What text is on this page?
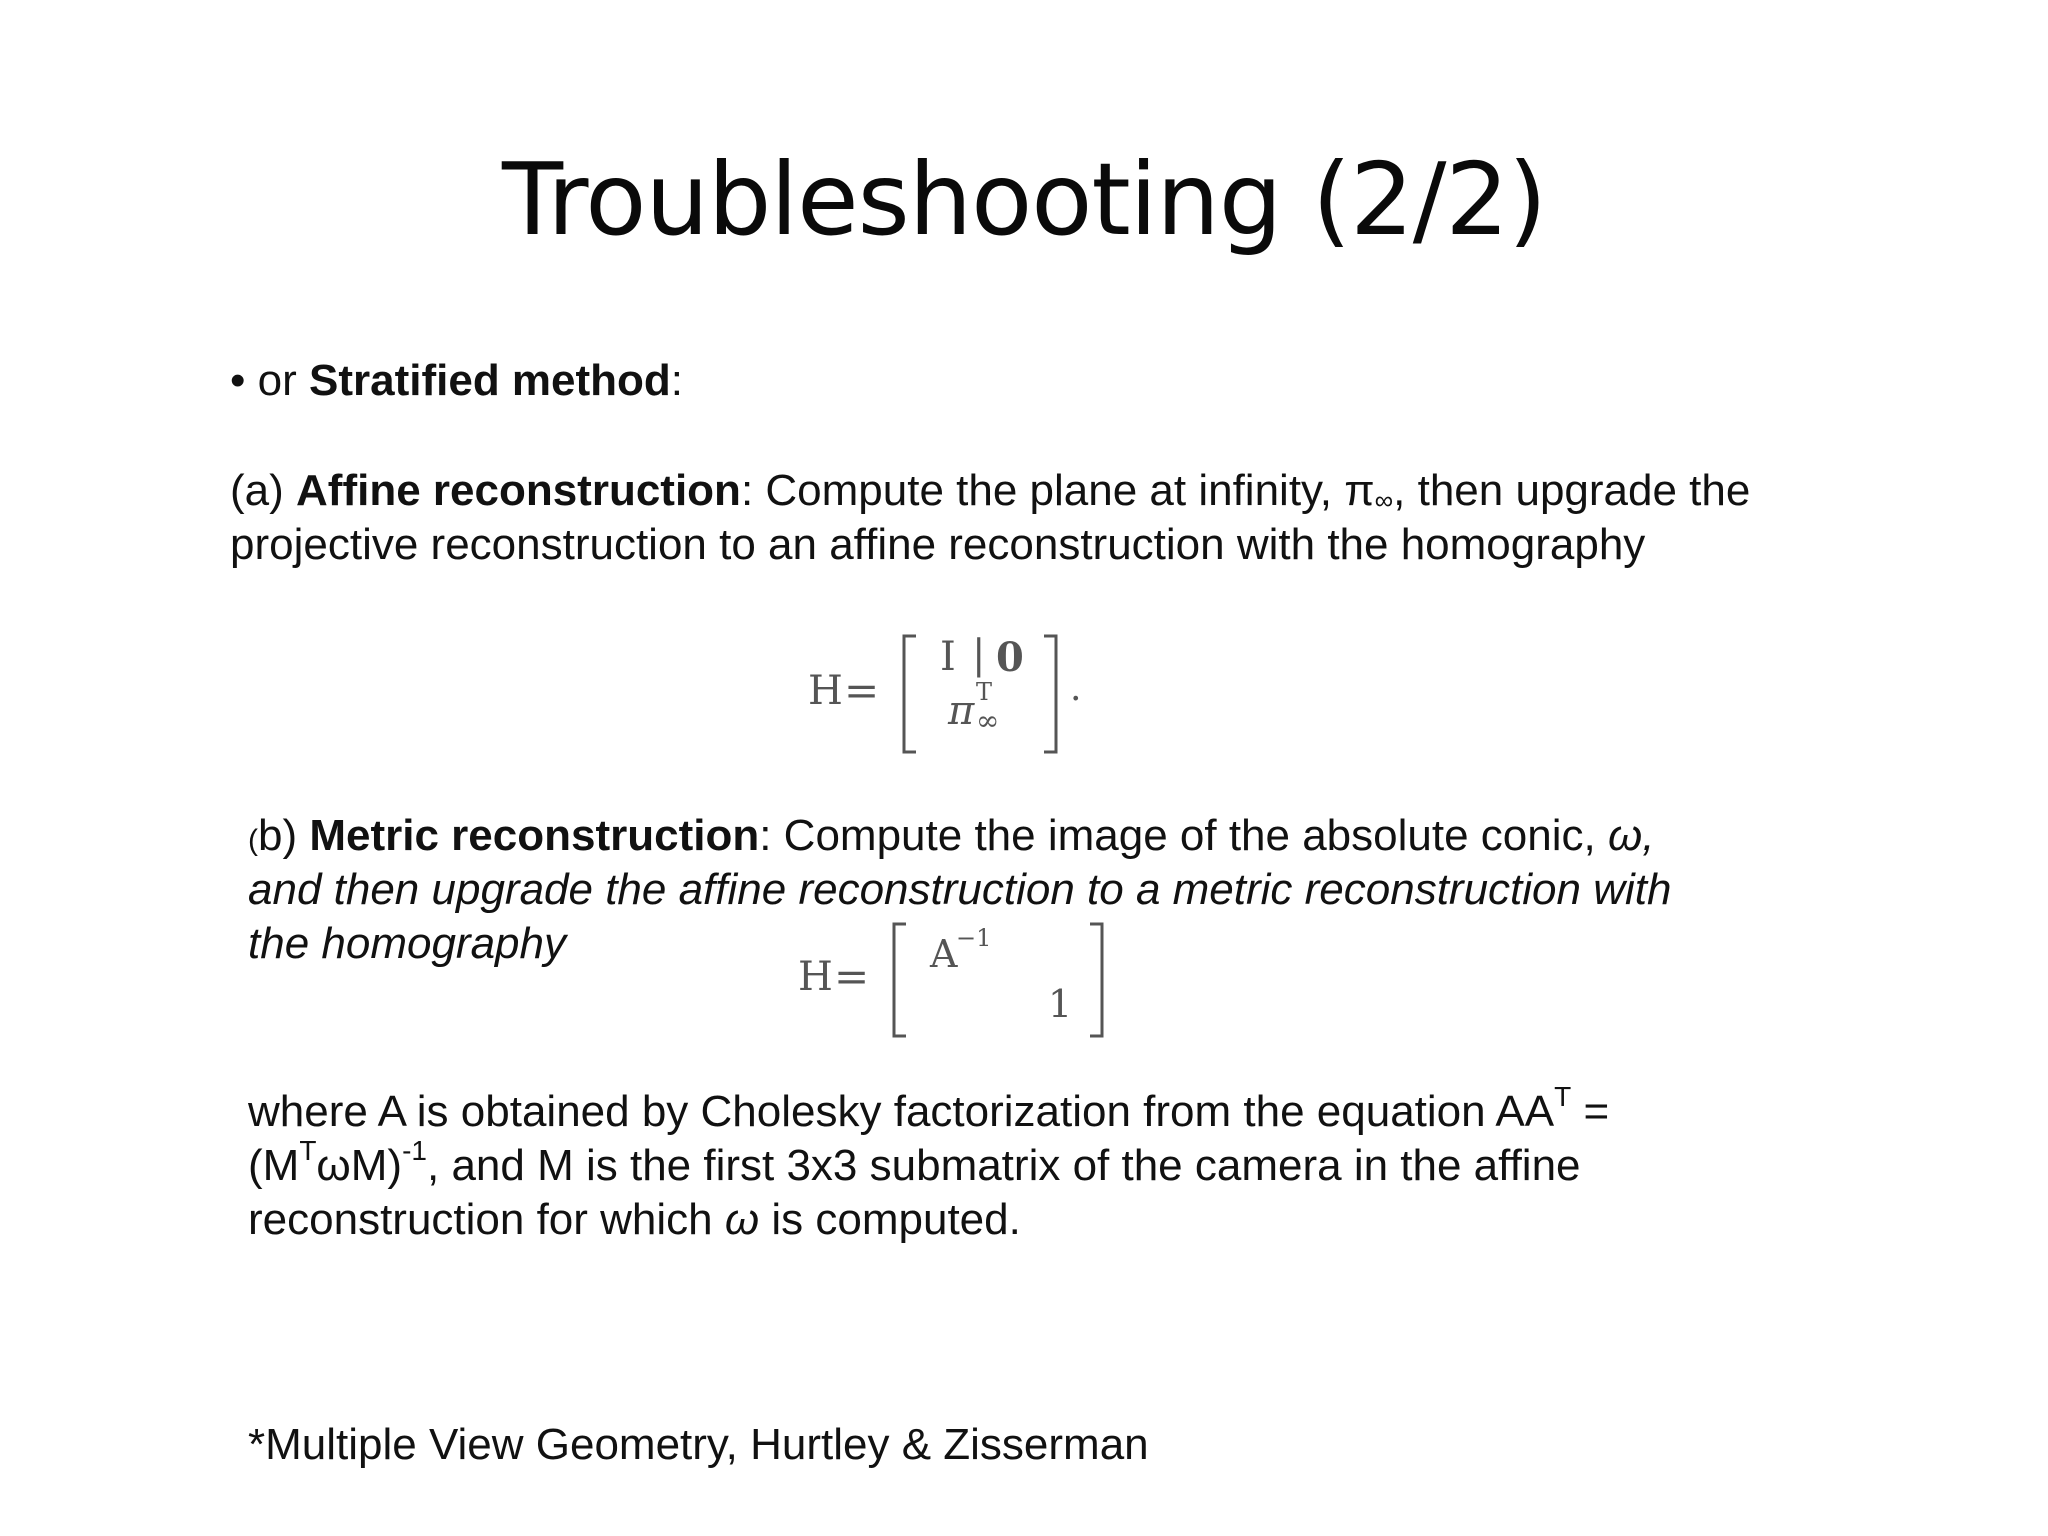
Troubleshooting (2/2)
• or Stratified method:
(a) Affine reconstruction: Compute the plane at infinity, $\pi_\infty$, then upgrade the
projective reconstruction to an affine reconstruction with the homography
H =
I | 0
π T
∞
.
(b) Metric reconstruction: Compute the image of the absolute conic, ω,
and then upgrade the affine reconstruction to a metric reconstruction with
the homography
H = A
−1
1
where A is obtained by Cholesky factorization from the equation $AA^T$ =
$(M^T\omega M)^{-1}$, and M is the first 3x3 submatrix of the camera in the affine
reconstruction for which ω is computed.
*Multiple View Geometry, Hurtley & Zisserman
